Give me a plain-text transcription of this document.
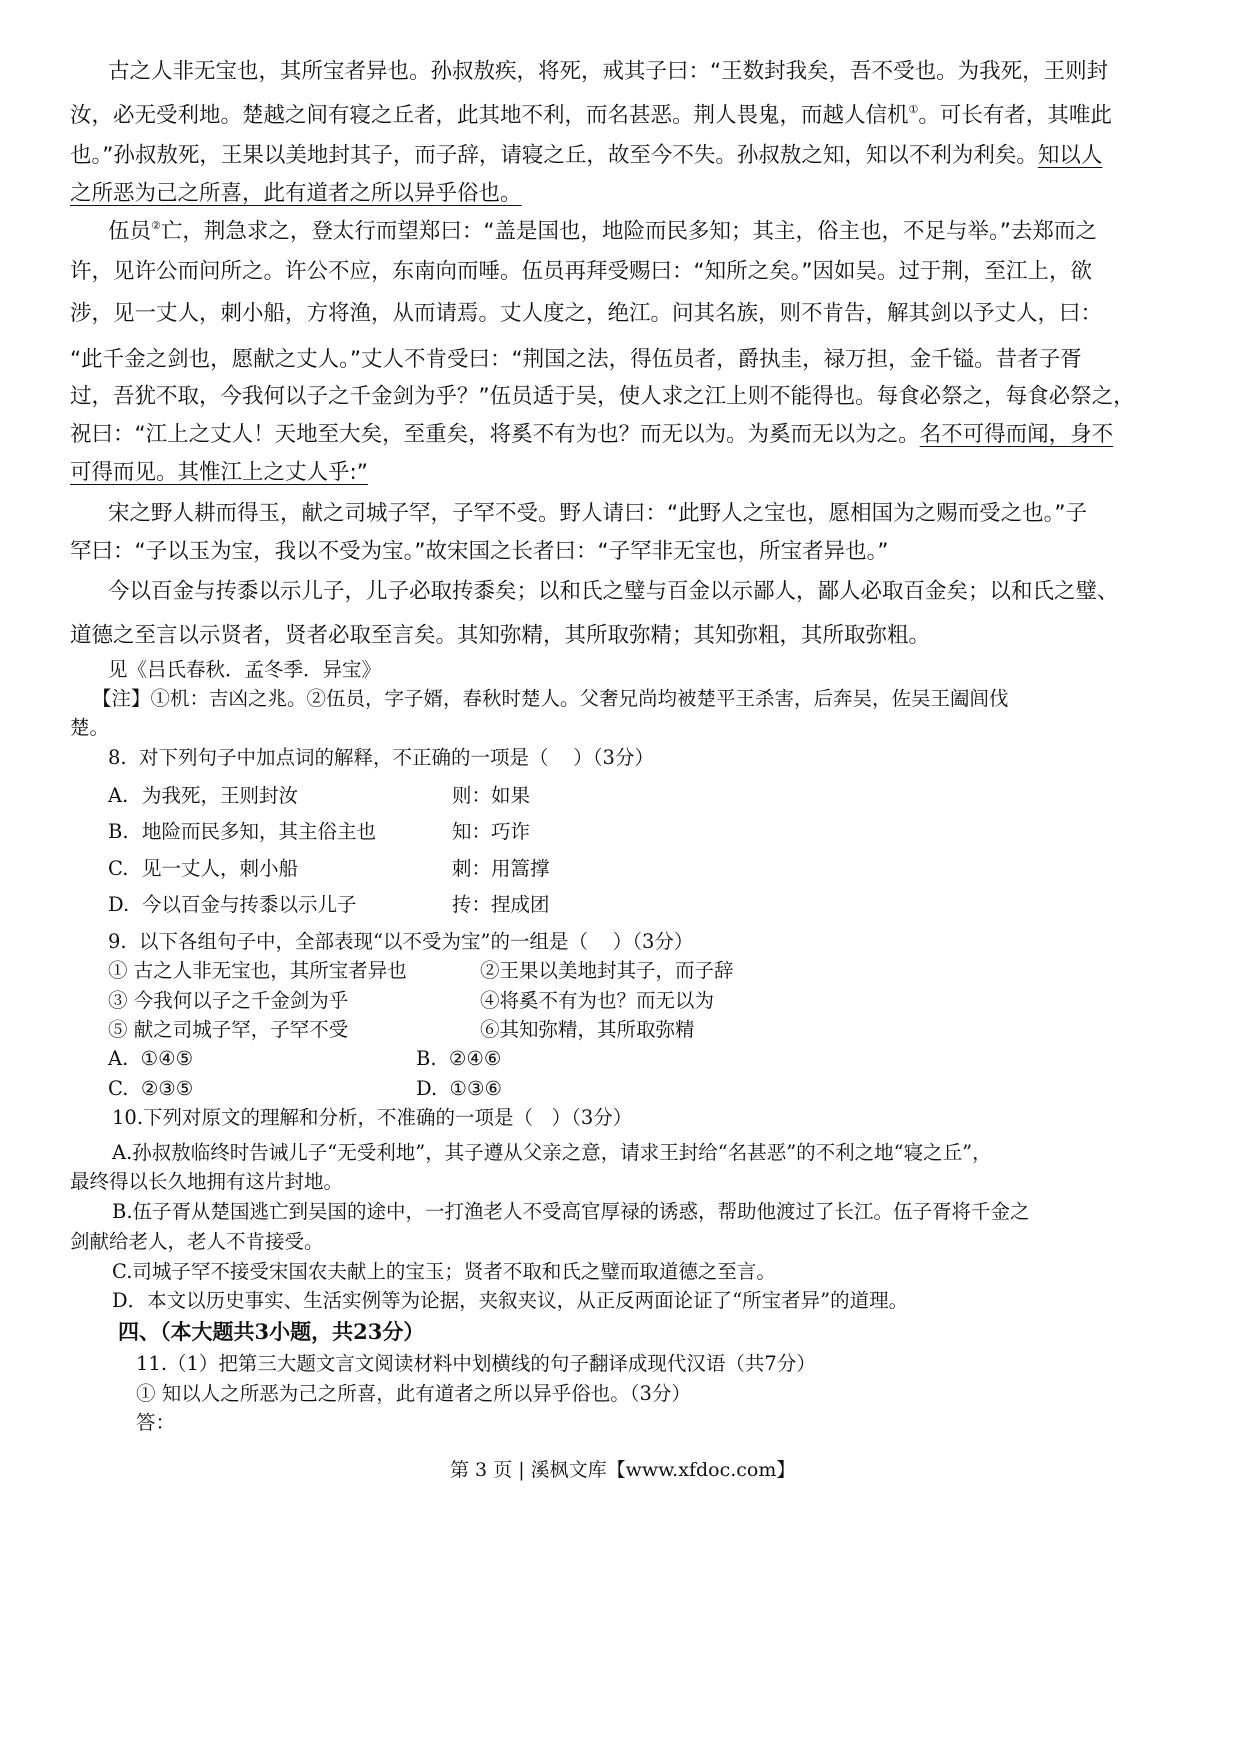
古之人非无宝也，其所宝者异也。孙叔敖疾，将死，戒其子曰：“王数封我矣，吾不受也。为我死，王则封
汝，必无受利地。楚越之间有寝之丘者，此其地不利，而名甚恶。荆人畏鬼，而越人信机①。可长有者，其唯此
也。”孙叔敖死，王果以美地封其子，而子辞，请寝之丘，故至今不失。孙叔敖之知，知以不利为利矣。知以人
之所恶为己之所喜，此有道者之所以异乎俗也。
伍员②亡，荆急求之，登太行而望郑曰：“盖是国也，地险而民多知；其主，俗主也，不足与举。”去郑而之
许，见许公而问所之。许公不应，东南向而唾。伍员再拜受赐曰：“知所之矣。”因如吴。过于荆，至江上，欲
涉，见一丈人，刺小船，方将渔，从而请焉。丈人度之，绝江。问其名族，则不肯告，解其剑以予丈人，曰：
“此千金之剑也，愿献之丈人。”丈人不肯受曰：“荆国之法，得伍员者，爵执圭，禄万担，金千镒。昔者子胥
过，吾犹不取，今我何以子之千金剑为乎？”伍员适于吴，使人求之江上则不能得也。每食必祭之，每食必祭之，
祝曰：“江上之丈人！天地至大矣，至重矣，将奚不有为也？而无以为。为奚而无以为之。名不可得而闻，身不
可得而见。其惟江上之丈人乎:”
宋之野人耕而得玉，献之司城子罕，子罕不受。野人请曰：“此野人之宝也，愿相国为之赐而受之也。”子
罕曰：“子以玉为宝，我以不受为宝。”故宋国之长者曰：“子罕非无宝也，所宝者异也。”
今以百金与抟黍以示儿子，儿子必取抟黍矣；以和氏之璧与百金以示鄙人，鄙人必取百金矣；以和氏之璧、
道德之至言以示贤者，贤者必取至言矣。其知弥精，其所取弥精；其知弥粗，其所取弥粗。
见《吕氏春秋．孟冬季．异宝》
【注】①机：吉凶之兆。②伍员，字子婿，春秋时楚人。父奢兄尚均被楚平王杀害，后奔吴，佐吴王阖闾伐
楚。
8.  对下列句子中加点词的解释，不正确的一项是（    ）（3分）
A. 为我死，王则封汝	则：如果
B. 地险而民多知，其主俗主也	知：巧诈
C. 见一丈人，刺小船	刺：用篙撑
D. 今以百金与抟黍以示儿子	抟：捏成团
9.  以下各组句子中，全部表现“以不受为宝”的一组是（    ）（3分）
① 古之人非无宝也，其所宝者异也	②王果以美地封其子，而子辞
③ 今我何以子之千金剑为乎	④将奚不有为也？而无以为
⑤ 献之司城子罕，子罕不受	⑥其知弥精，其所取弥精
A.  ①④⑤	B.  ②④⑥
C.  ②③⑤	D.  ①③⑥
10.下列对原文的理解和分析，不准确的一项是（   ）（3分）
A.孙叔敖临终时告诫儿子“无受利地”，其子遵从父亲之意，请求王封给“名甚恶”的不利之地“寝之丘”，
最终得以长久地拥有这片封地。
B.伍子胥从楚国逃亡到吴国的途中，一打渔老人不受高官厚禄的诱惑，帮助他渡过了长江。伍子胥将千金之
剑献给老人，老人不肯接受。
C.司城子罕不接受宋国农夫献上的宝玉；贤者不取和氏之璧而取道德之至言。
D．本文以历史事实、生活实例等为论据，夹叙夹议，从正反两面论证了“所宝者异”的道理。
四、（本大题共3小题，共23分）
11.（1）把第三大题文言文阅读材料中划横线的句子翻译成现代汉语（共7分）
① 知以人之所恶为己之所喜，此有道者之所以异乎俗也。（3分）
答：
第 3 页 | 溪枫文库【www.xfdoc.com】
